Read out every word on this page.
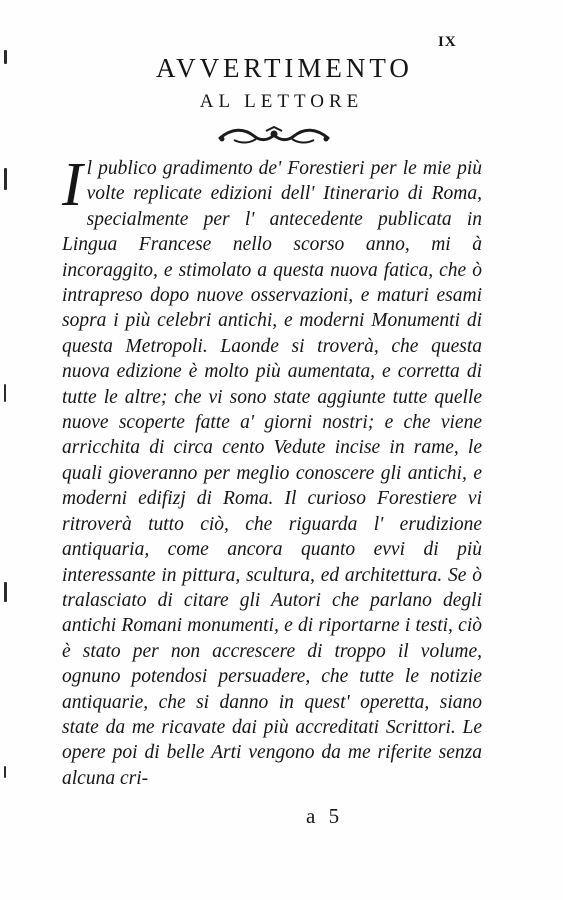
IX
AVVERTIMENTO
AL LETTORE

I l publico gradimento de' Forestieri per le mie più volte replicate edizioni dell' Itinerario di Roma, specialmente per l' antecedente publicata in Lingua Francese nello scorso anno, mi à incoraggito, e stimolato a questa nuova fatica, che ò intrapreso dopo nuove osservazioni, e maturi esami sopra i più celebri antichi, e moderni Monumenti di questa Metropoli. Laonde si troverà, che questa nuova edizione è molto più aumentata, e corretta di tutte le altre; che vi sono state aggiunte tutte quelle nuove scoperte fatte a' giorni nostri; e che viene arricchita di circa cento Vedute incise in rame, le quali gioveranno per meglio conoscere gli antichi, e moderni edifizj di Roma. Il curioso Forestiere vi ritroverà tutto ciò, che riguarda l' erudizione antiquaria, come ancora quanto evvi di più interessante in pittura, scultura, ed architettura. Se ò tralasciato di citare gli Autori che parlano degli antichi Romani monumenti, e di riportarne i testi, ciò è stato per non accrescere di troppo il volume, ognuno potendosi persuadere, che tutte le notizie antiquarie, che si danno in quest' operetta, siano state da me ricavate dai più accreditati Scrittori. Le opere poi di belle Arti vengono da me riferite senza alcuna cri-

a 5
